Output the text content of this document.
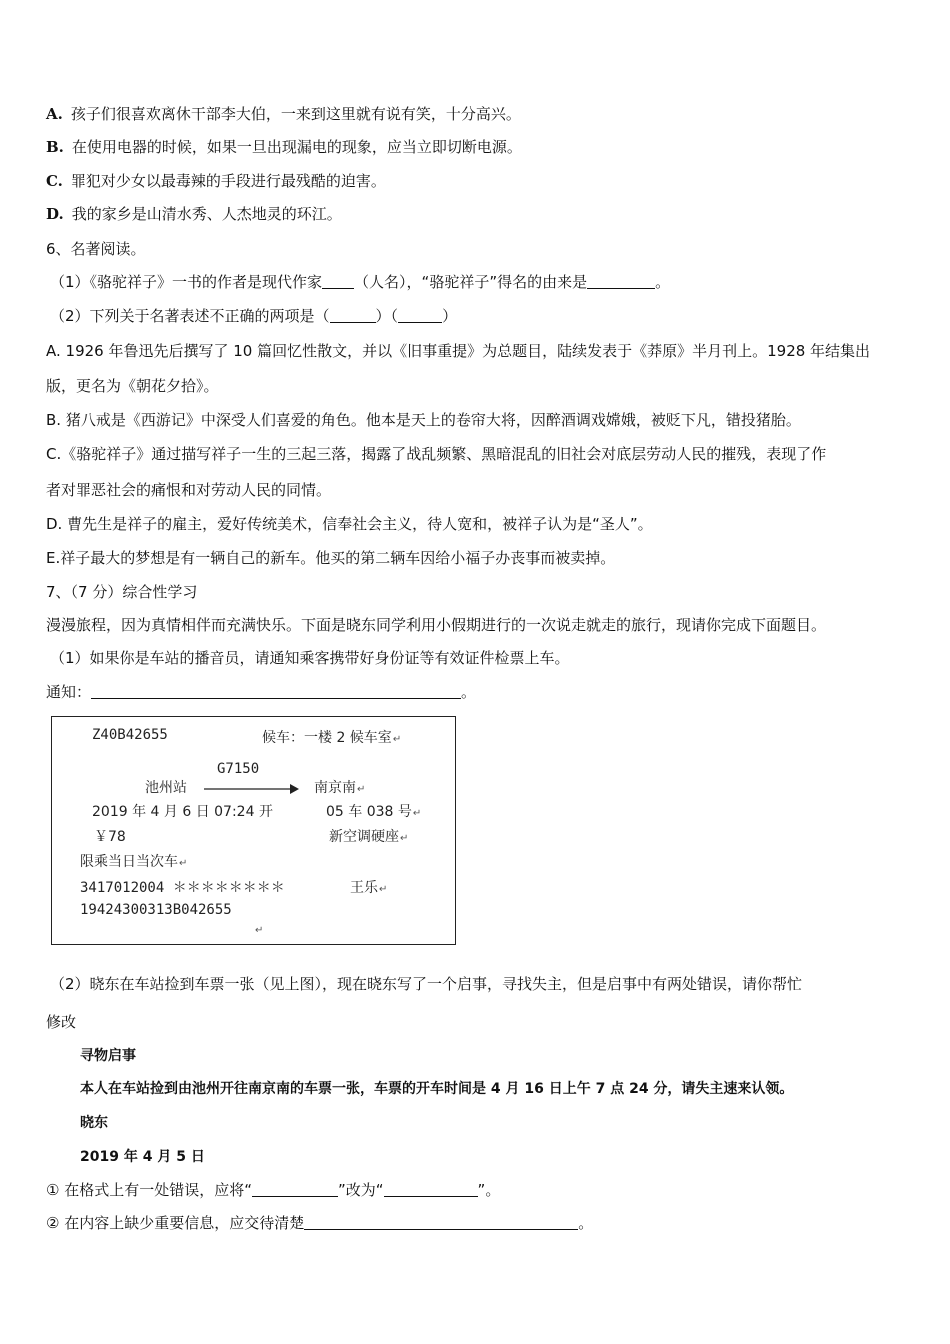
A. 孩子们很喜欢离休干部李大伯，一来到这里就有说有笑，十分高兴。
B. 在使用电器的时候，如果一旦出现漏电的现象，应当立即切断电源。
C. 罪犯对少女以最毒辣的手段进行最残酷的迫害。
D. 我的家乡是山清水秀、人杰地灵的环江。
6、名著阅读。
（1）《骆驼祥子》一书的作者是现代作家 （人名），“骆驼祥子”得名的由来是	。
（2）下列关于名著表述不正确的两项是（	）（	）
A. 1926 年鲁迅先后撰写了 10 篇回忆性散文，并以《旧事重提》为总题目，陆续发表于《莽原》半月刊上。1928 年结集出
版，更名为《朝花夕拾》。
B. 猪八戒是《西游记》中深受人们喜爱的角色。他本是天上的卷帘大将，因醉酒调戏嫦娥，被贬下凡，错投猪胎。
C.《骆驼祥子》通过描写祥子一生的三起三落，揭露了战乱频繁、黑暗混乱的旧社会对底层劳动人民的摧残，表现了作
者对罪恶社会的痛恨和对劳动人民的同情。
D. 曹先生是祥子的雇主，爱好传统美术，信奉社会主义，待人宽和，被祥子认为是“圣人”。
E.祥子最大的梦想是有一辆自己的新车。他买的第二辆车因给小福子办丧事而被卖掉。
7、（7 分）综合性学习
漫漫旅程，因为真情相伴而充满快乐。下面是晓东同学利用小假期进行的一次说走就走的旅行，现请你完成下面题目。
（1）如果你是车站的播音员，请通知乘客携带好身份证等有效证件检票上车。
通知：	。
Z40B42655	候车：一楼 2 候车室↵
G7150
池州站	南京南↵
2019 年 4 月 6 日 07:24 开	05 车 038 号↵
￥78	新空调硬座↵
限乘当日当次车↵
3417012004 ＊＊＊＊＊＊＊＊	王乐↵
19424300313B042655
↵
（2）晓东在车站捡到车票一张（见上图），现在晓东写了一个启事，寻找失主，但是启事中有两处错误，请你帮忙
修改
寻物启事
本人在车站捡到由池州开往南京南的车票一张，车票的开车时间是 4 月 16 日上午 7 点 24 分，请失主速来认领。
晓东
2019 年 4 月 5 日
① 在格式上有一处错误，应将“	”改为“	”。
② 在内容上缺少重要信息，应交待清楚	。
